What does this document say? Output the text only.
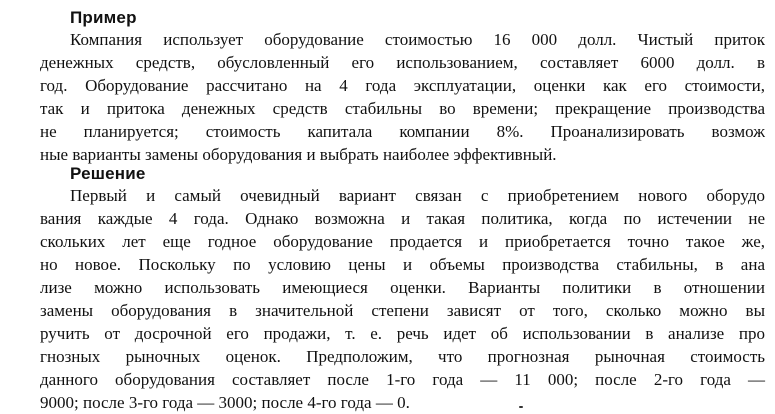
Пример
Компания использует оборудование стоимостью 16 000 долл. Чистый приток
денежных средств, обусловленный его использованием, составляет 6000 долл. в
год. Оборудование рассчитано на 4 года эксплуатации, оценки как его стоимости,
так и притока денежных средств стабильны во времени; прекращение производства
не планируется; стоимость капитала компании 8%. Проанализировать возмож
ные варианты замены оборудования и выбрать наиболее эффективный.
Решение
Первый и самый очевидный вариант связан с приобретением нового оборудо
вания каждые 4 года. Однако возможна и такая политика, когда по истечении не
скольких лет еще годное оборудование продается и приобретается точно такое же,
но новое. Поскольку по условию цены и объемы производства стабильны, в ана
лизе можно использовать имеющиеся оценки. Варианты политики в отношении
замены оборудования в значительной степени зависят от того, сколько можно вы
ручить от досрочной его продажи, т. е. речь идет об использовании в анализе про
гнозных рыночных оценок. Предположим, что прогнозная рыночная стоимость
данного оборудования составляет после 1-го года — 11 000; после 2-го года —
9000; после 3-го года — 3000; после 4-го года — 0.
